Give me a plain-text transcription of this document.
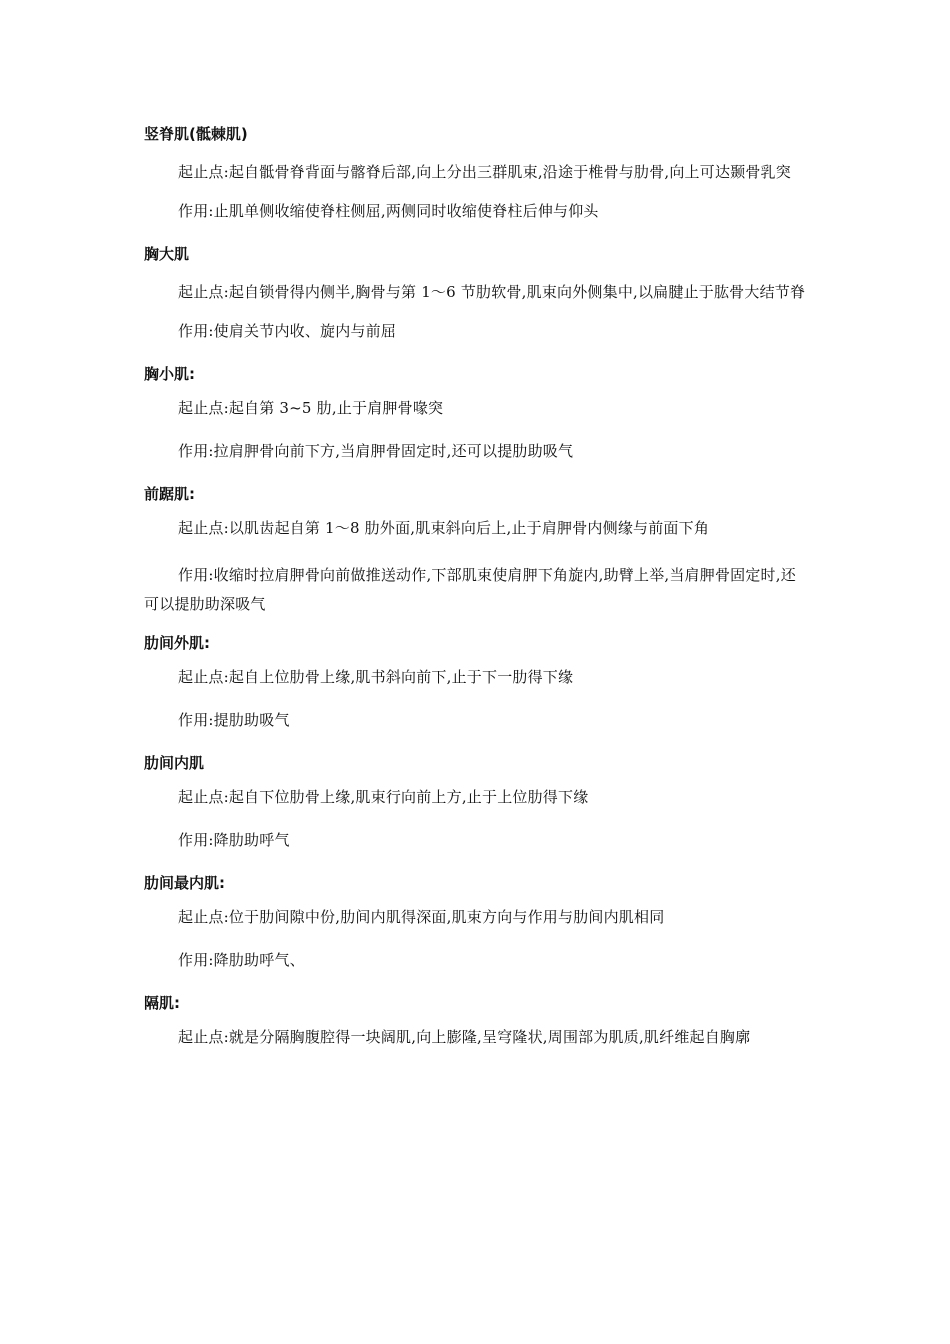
竖脊肌(骶棘肌)
起止点:起自骶骨脊背面与髂脊后部,向上分出三群肌束,沿途于椎骨与肋骨,向上可达颞骨乳突
作用:止肌单侧收缩使脊柱侧屈,两侧同时收缩使脊柱后伸与仰头
胸大肌
起止点:起自锁骨得内侧半,胸骨与第 1～6 节肋软骨,肌束向外侧集中,以扁腱止于肱骨大结节脊
作用:使肩关节内收、旋内与前屈
胸小肌:
起止点:起自第 3~5 肋,止于肩胛骨喙突
作用:拉肩胛骨向前下方,当肩胛骨固定时,还可以提肋助吸气
前踞肌:
起止点:以肌齿起自第 1～8 肋外面,肌束斜向后上,止于肩胛骨内侧缘与前面下角
作用:收缩时拉肩胛骨向前做推送动作,下部肌束使肩胛下角旋内,助臂上举,当肩胛骨固定时,还可以提肋助深吸气
肋间外肌:
起止点:起自上位肋骨上缘,肌书斜向前下,止于下一肋得下缘
作用:提肋助吸气
肋间内肌
起止点:起自下位肋骨上缘,肌束行向前上方,止于上位肋得下缘
作用:降肋助呼气
肋间最内肌:
起止点:位于肋间隙中份,肋间内肌得深面,肌束方向与作用与肋间内肌相同
作用:降肋助呼气、
隔肌:
起止点:就是分隔胸腹腔得一块阔肌,向上膨隆,呈穹隆状,周围部为肌质,肌纤维起自胸廓
